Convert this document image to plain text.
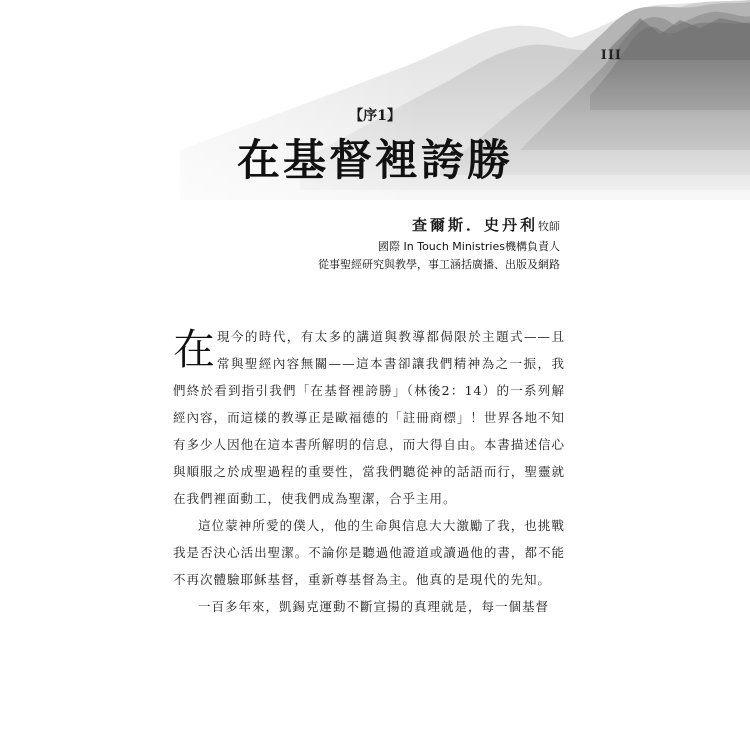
III
【序1】
在基督裡誇勝
查爾斯．史丹利牧師
國際 In Touch Ministries機構負責人
從事聖經研究與教學，事工涵括廣播、出版及網路

在現今的時代，有太多的講道與教導都侷限於主題式——且常與聖經內容無關——這本書卻讓我們精神為之一振，我們終於看到指引我們「在基督裡誇勝」（林後2：14）的一系列解經內容，而這樣的教導正是歐福德的「註冊商標」！世界各地不知有多少人因他在這本書所解明的信息，而大得自由。本書描述信心與順服之於成聖過程的重要性，當我們聽從神的話語而行，聖靈就在我們裡面動工，使我們成為聖潔，合乎主用。

這位蒙神所愛的僕人，他的生命與信息大大激勵了我，也挑戰我是否決心活出聖潔。不論你是聽過他證道或讀過他的書，都不能不再次體驗耶穌基督，重新尊基督為主。他真的是現代的先知。

一百多年來，凱錫克運動不斷宣揚的真理就是，每一個基督
